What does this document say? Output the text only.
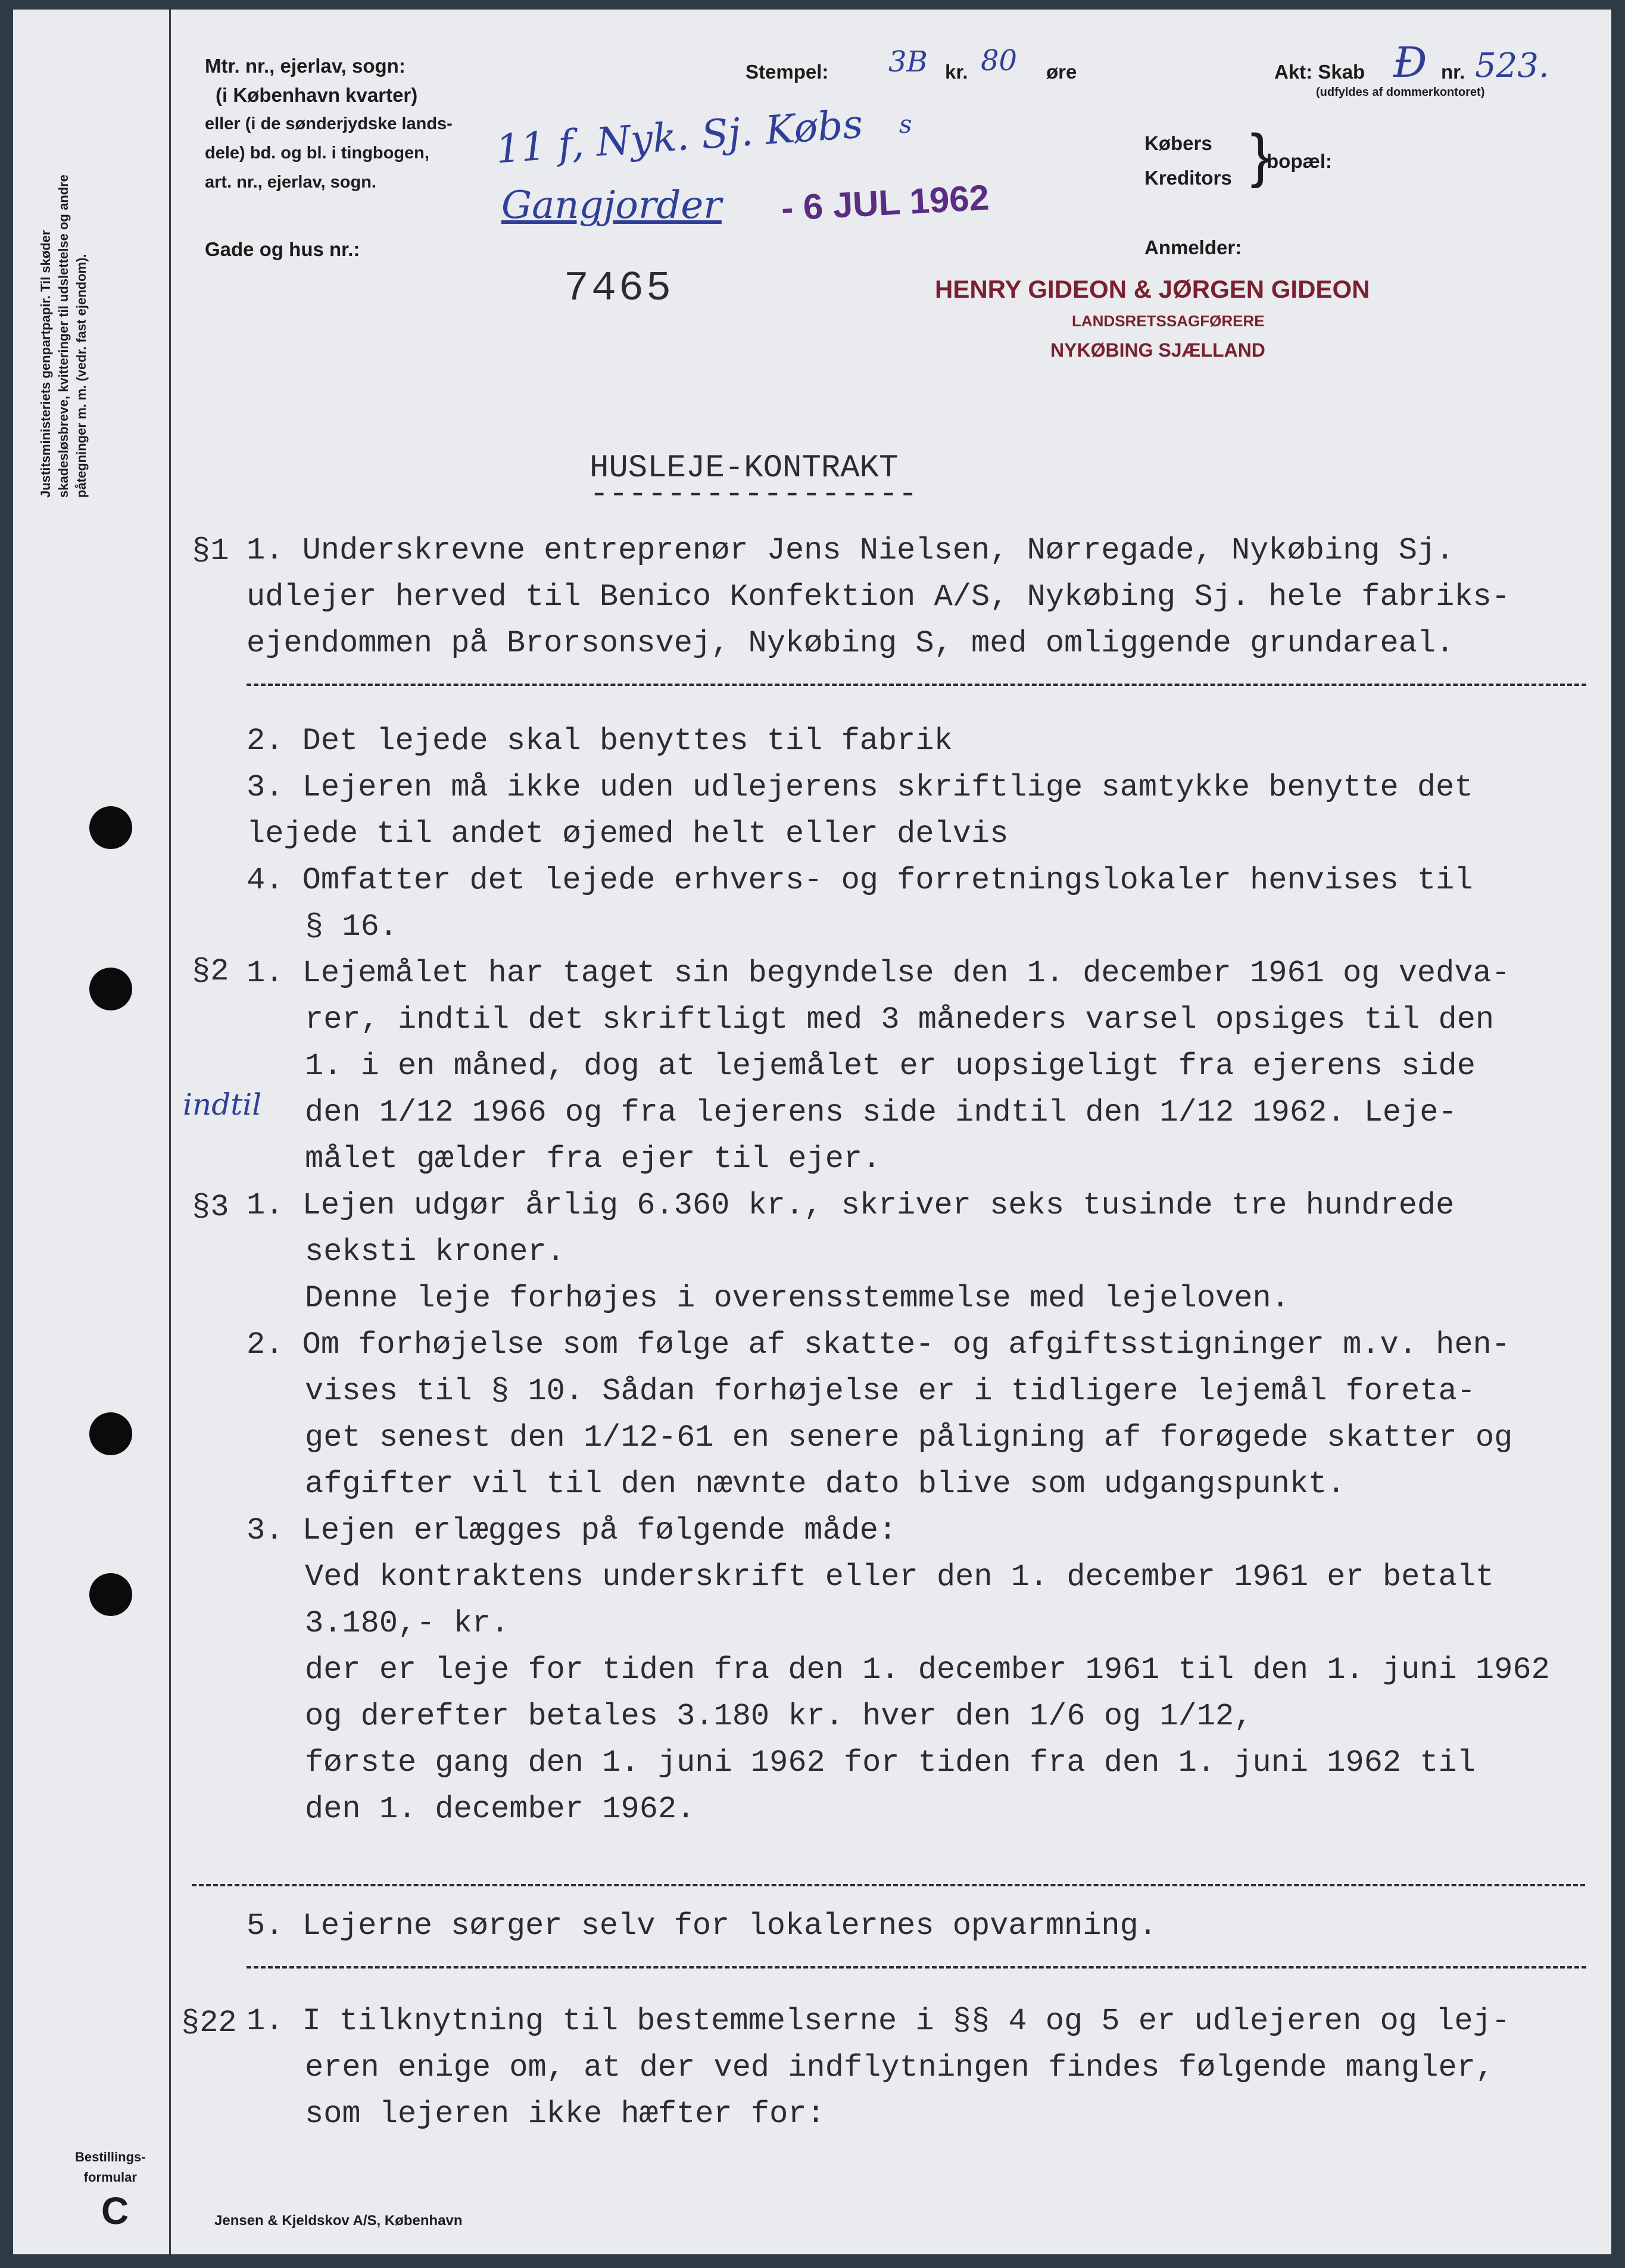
Justitsministeriets genpartpapir. Til skøder skadesløsbreve, kvitteringer til udslettelse og andre påtegninger m. m. (vedr. fast ejendom).
Bestillings-
formular
C	Jensen & Kjeldskov A/S, København
Mtr. nr., ejerlav, sogn:
(i København kvarter)
eller (i de sønderjydske lands-
dele) bd. og bl. i tingbogen,
art. nr., ejerlav, sogn.
Gade og hus nr.:
Stempel: 3B kr. 80 øre	Akt: Skab Ð nr. 523.
(udfyldes af dommerkontoret)
Købers
Kreditors }
bopæl:
Anmelder:
11 f, Nyk. Sj. Købs s
Gangjorder - 6 JUL 1962
7465	HENRY GIDEON & JØRGEN GIDEON
LANDSRETSSAGFØRERE
NYKØBING SJÆLLAND
HUSLEJE-KONTRAKT
-----------------
§1
§2
§3
§22
indtil
1. Underskrevne entreprenør Jens Nielsen, Nørregade, Nykøbing Sj.
udlejer herved til Benico Konfektion A/S, Nykøbing Sj. hele fabriks-
ejendommen på Brorsonsvej, Nykøbing S, med omliggende grundareal.
2. Det lejede skal benyttes til fabrik
3. Lejeren må ikke uden udlejerens skriftlige samtykke benytte det
lejede til andet øjemed helt eller delvis
4. Omfatter det lejede erhvers- og forretningslokaler henvises til
§ 16.
1. Lejemålet har taget sin begyndelse den 1. december 1961 og vedva-
rer, indtil det skriftligt med 3 måneders varsel opsiges til den
1. i en måned, dog at lejemålet er uopsigeligt fra ejerens side
den 1/12 1966 og fra lejerens side indtil den 1/12 1962. Leje-
målet gælder fra ejer til ejer.
1. Lejen udgør årlig 6.360 kr., skriver seks tusinde tre hundrede
seksti kroner.
Denne leje forhøjes i overensstemmelse med lejeloven.
2. Om forhøjelse som følge af skatte- og afgiftsstigninger m.v. hen-
vises til § 10. Sådan forhøjelse er i tidligere lejemål foreta-
get senest den 1/12-61 en senere påligning af forøgede skatter og
afgifter vil til den nævnte dato blive som udgangspunkt.
3. Lejen erlægges på følgende måde:
Ved kontraktens underskrift eller den 1. december 1961 er betalt
3.180,- kr.
der er leje for tiden fra den 1. december 1961 til den 1. juni 1962
og derefter betales 3.180 kr. hver den 1/6 og 1/12,
første gang den 1. juni 1962 for tiden fra den 1. juni 1962 til
den 1. december 1962.
5. Lejerne sørger selv for lokalernes opvarmning.
1. I tilknytning til bestemmelserne i §§ 4 og 5 er udlejeren og lej-
eren enige om, at der ved indflytningen findes følgende mangler,
som lejeren ikke hæfter for:
